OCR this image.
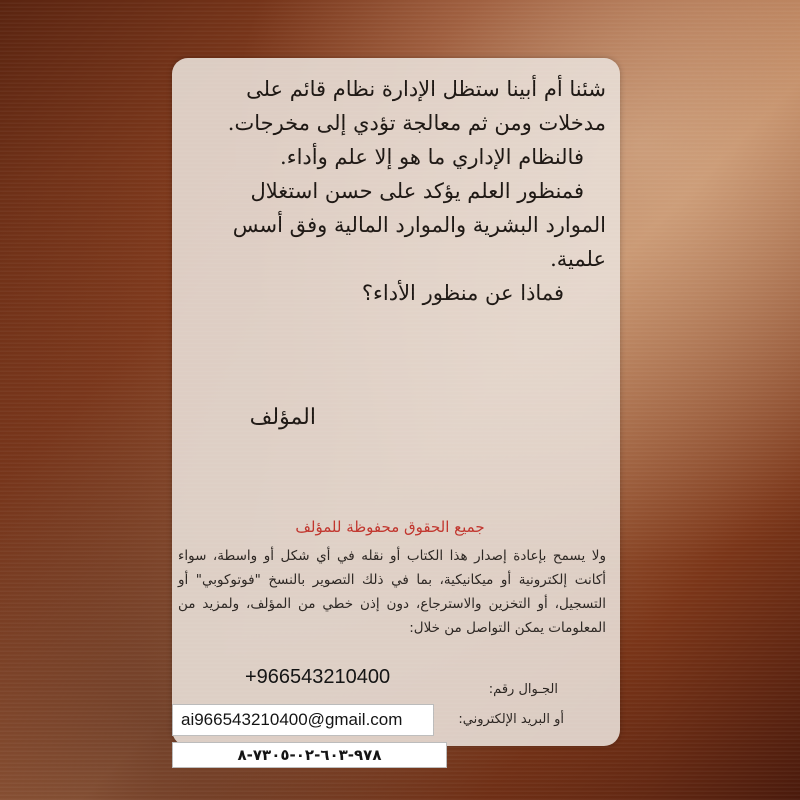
شئنا أم أبينا ستظل الإدارة نظام قائم على
مدخلات ومن ثم معالجة تؤدي إلى مخرجات.
فالنظام الإداري ما هو إلا علم وأداء.
فمنظور العلم يؤكد على حسن استغلال
الموارد البشرية والموارد المالية وفق أسس
علمية.
فماذا عن منظور الأداء؟
المؤلف
جميع الحقوق محفوظة للمؤلف
ولا يسمح بإعادة إصدار هذا الكتاب أو نقله في أي شكل أو واسطة، سواء أكانت إلكترونية أو ميكانيكية، بما في ذلك التصوير بالنسخ "فوتوكوبي" أو التسجيل، أو التخزين والاسترجاع، دون إذن خطي من المؤلف، ولمزيد من المعلومات يمكن التواصل من خلال:
الجـوال رقم:
+966543210400
أو البريد الإلكتروني:
ai966543210400@gmail.com
٩٧٨-٦٠٣-٠٢-٧٣٠٥-٨
